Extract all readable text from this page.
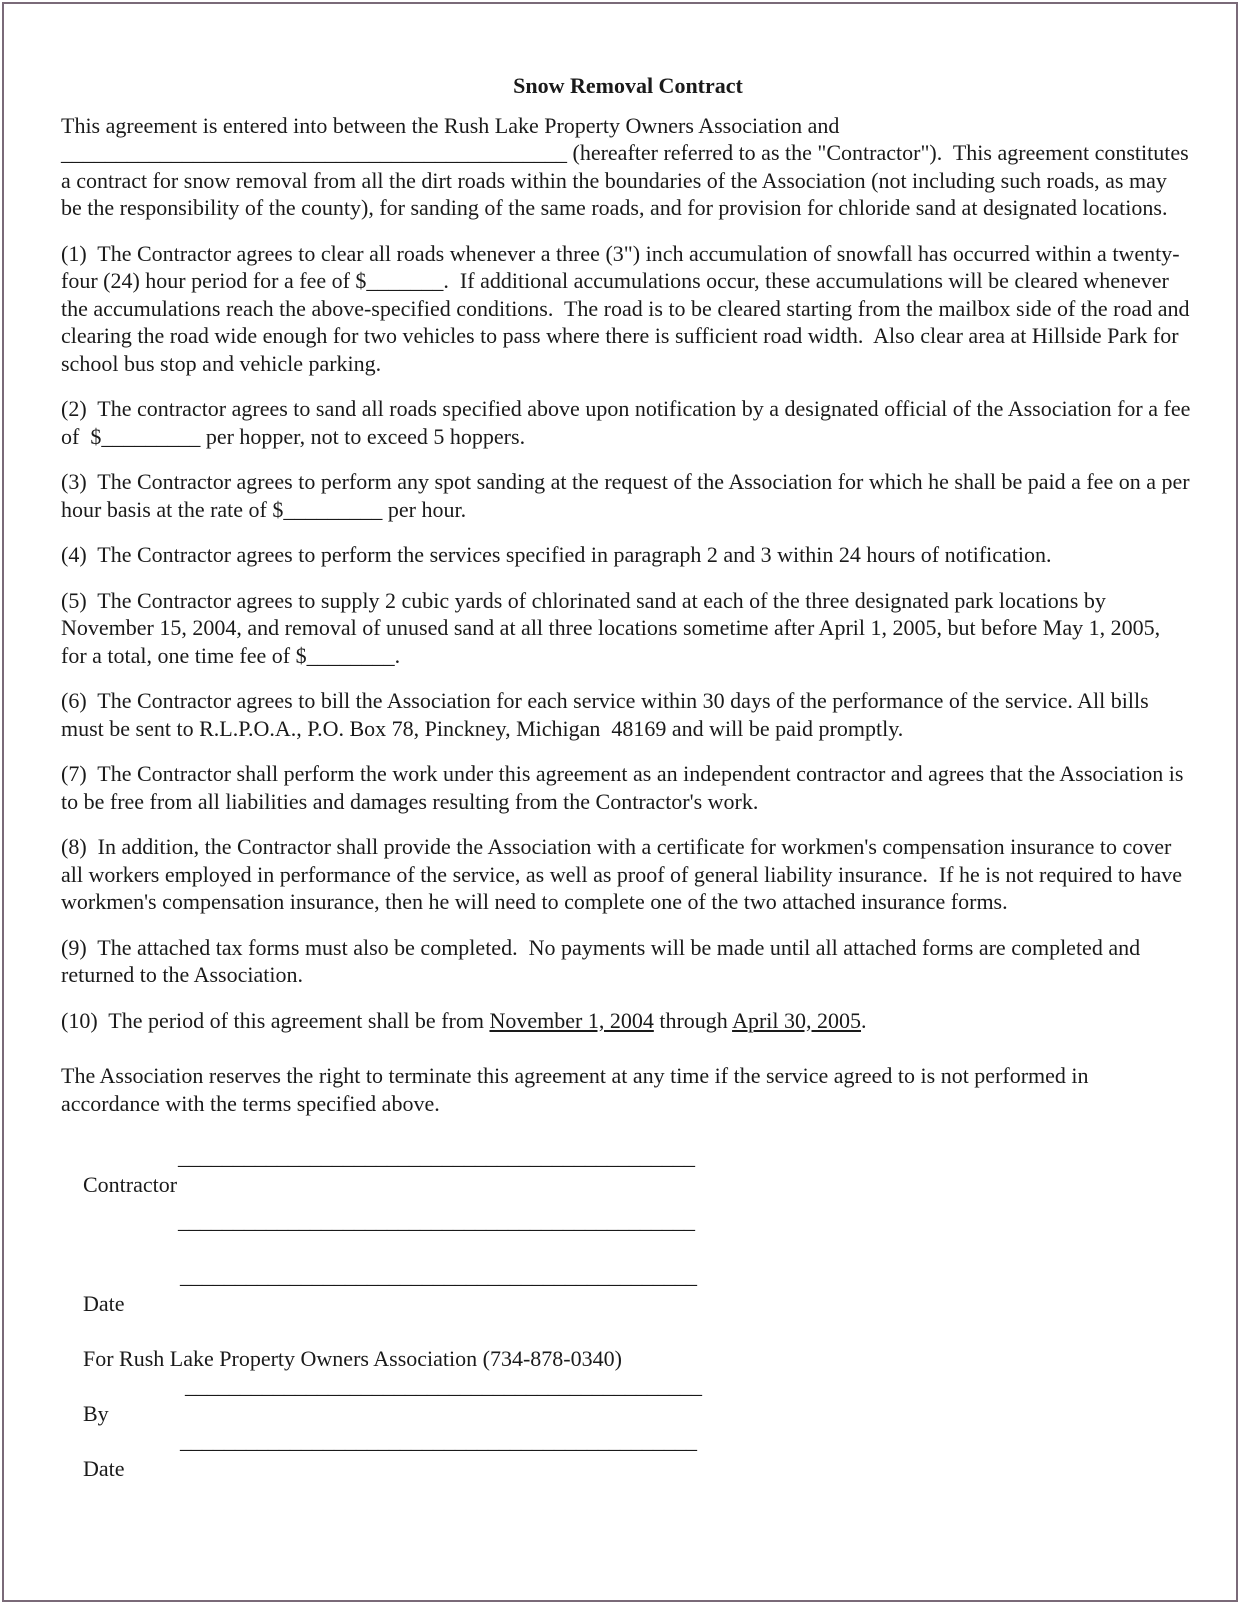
Snow Removal Contract

This agreement is entered into between the Rush Lake Property Owners Association and
______________________________________________ (hereafter referred to as the "Contractor").  This agreement constitutes a contract for snow removal from all the dirt roads within the boundaries of the Association (not including such roads, as may be the responsibility of the county), for sanding of the same roads, and for provision for chloride sand at designated locations.

(1)  The Contractor agrees to clear all roads whenever a three (3") inch accumulation of snowfall has occurred within a twenty-four (24) hour period for a fee of $_______.  If additional accumulations occur, these accumulations will be cleared whenever the accumulations reach the above-specified conditions.  The road is to be cleared starting from the mailbox side of the road and clearing the road wide enough for two vehicles to pass where there is sufficient road width.  Also clear area at Hillside Park for school bus stop and vehicle parking.

(2)  The contractor agrees to sand all roads specified above upon notification by a designated official of the Association for a fee of  $_________ per hopper, not to exceed 5 hoppers.

(3)  The Contractor agrees to perform any spot sanding at the request of the Association for which he shall be paid a fee on a per hour basis at the rate of $_________ per hour.

(4)  The Contractor agrees to perform the services specified in paragraph 2 and 3 within 24 hours of notification.

(5)  The Contractor agrees to supply 2 cubic yards of chlorinated sand at each of the three designated park locations by November 15, 2004, and removal of unused sand at all three locations sometime after April 1, 2005, but before May 1, 2005, for a total, one time fee of $________.

(6)  The Contractor agrees to bill the Association for each service within 30 days of the performance of the service. All bills must be sent to R.L.P.O.A., P.O. Box 78, Pinckney, Michigan  48169 and will be paid promptly.

(7)  The Contractor shall perform the work under this agreement as an independent contractor and agrees that the Association is to be free from all liabilities and damages resulting from the Contractor's work.

(8)  In addition, the Contractor shall provide the Association with a certificate for workmen's compensation insurance to cover all workers employed in performance of the service, as well as proof of general liability insurance.  If he is not required to have workmen's compensation insurance, then he will need to complete one of the two attached insurance forms.

(9)  The attached tax forms must also be completed.  No payments will be made until all attached forms are completed and returned to the Association.

(10)  The period of this agreement shall be from November 1, 2004 through April 30, 2005.

The Association reserves the right to terminate this agreement at any time if the service agreed to is not performed in accordance with the terms specified above.

Contractor

_______________________________________________

_______________________________________________

Date

_______________________________________________

For Rush Lake Property Owners Association (734-878-0340)

By

_______________________________________________

Date

_______________________________________________
